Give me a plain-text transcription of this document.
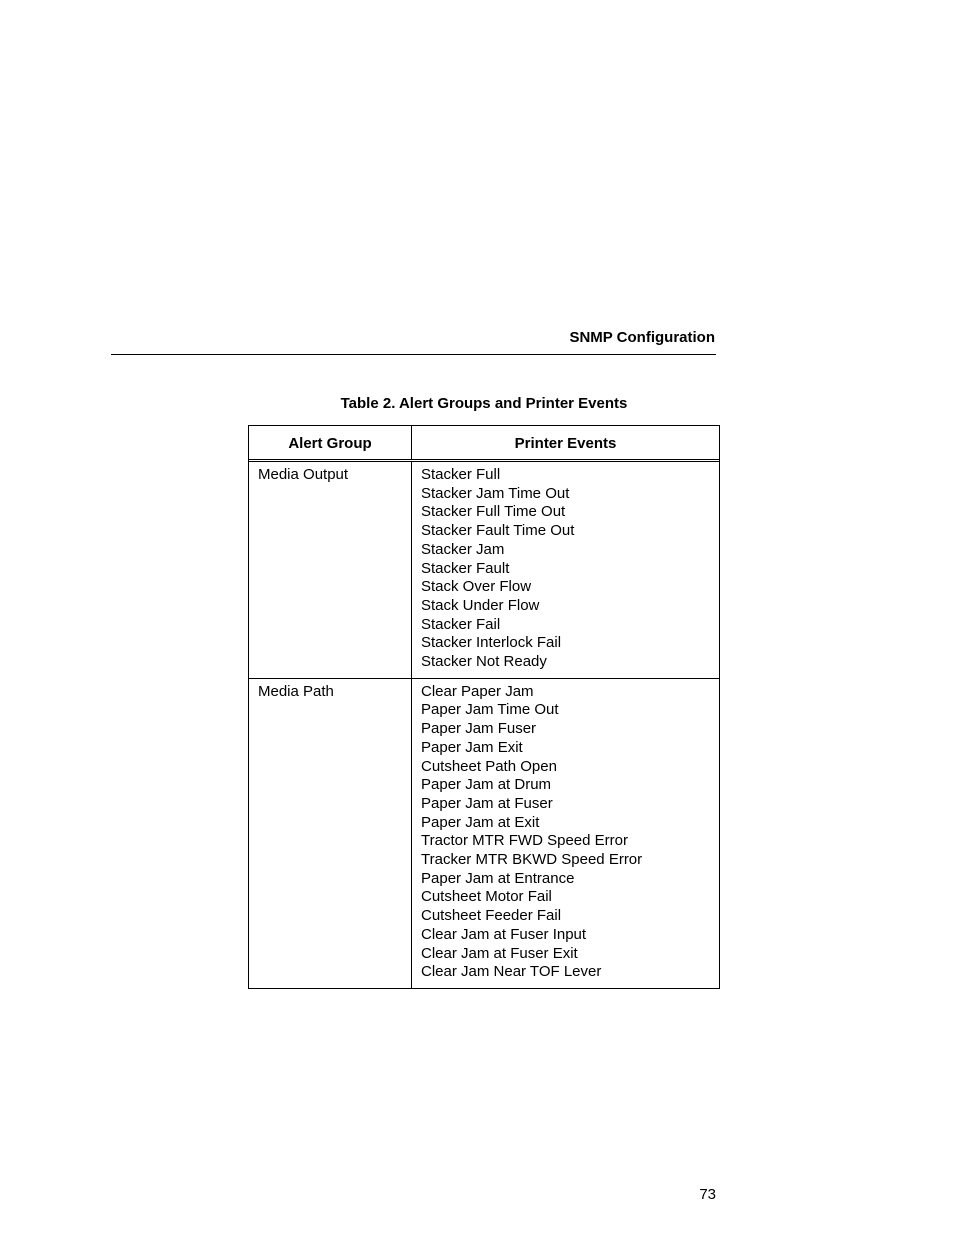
SNMP Configuration
Table 2. Alert Groups and Printer Events
Alert Group	Printer Events
Media Output	Stacker Full
Stacker Jam Time Out
Stacker Full Time Out
Stacker Fault Time Out
Stacker Jam
Stacker Fault
Stack Over Flow
Stack Under Flow
Stacker Fail
Stacker Interlock Fail
Stacker Not Ready
Media Path	Clear Paper Jam
Paper Jam Time Out
Paper Jam Fuser
Paper Jam Exit
Cutsheet Path Open
Paper Jam at Drum
Paper Jam at Fuser
Paper Jam at Exit
Tractor MTR FWD Speed Error
Tracker MTR BKWD Speed Error
Paper Jam at Entrance
Cutsheet Motor Fail
Cutsheet Feeder Fail
Clear Jam at Fuser Input
Clear Jam at Fuser Exit
Clear Jam Near TOF Lever
73
